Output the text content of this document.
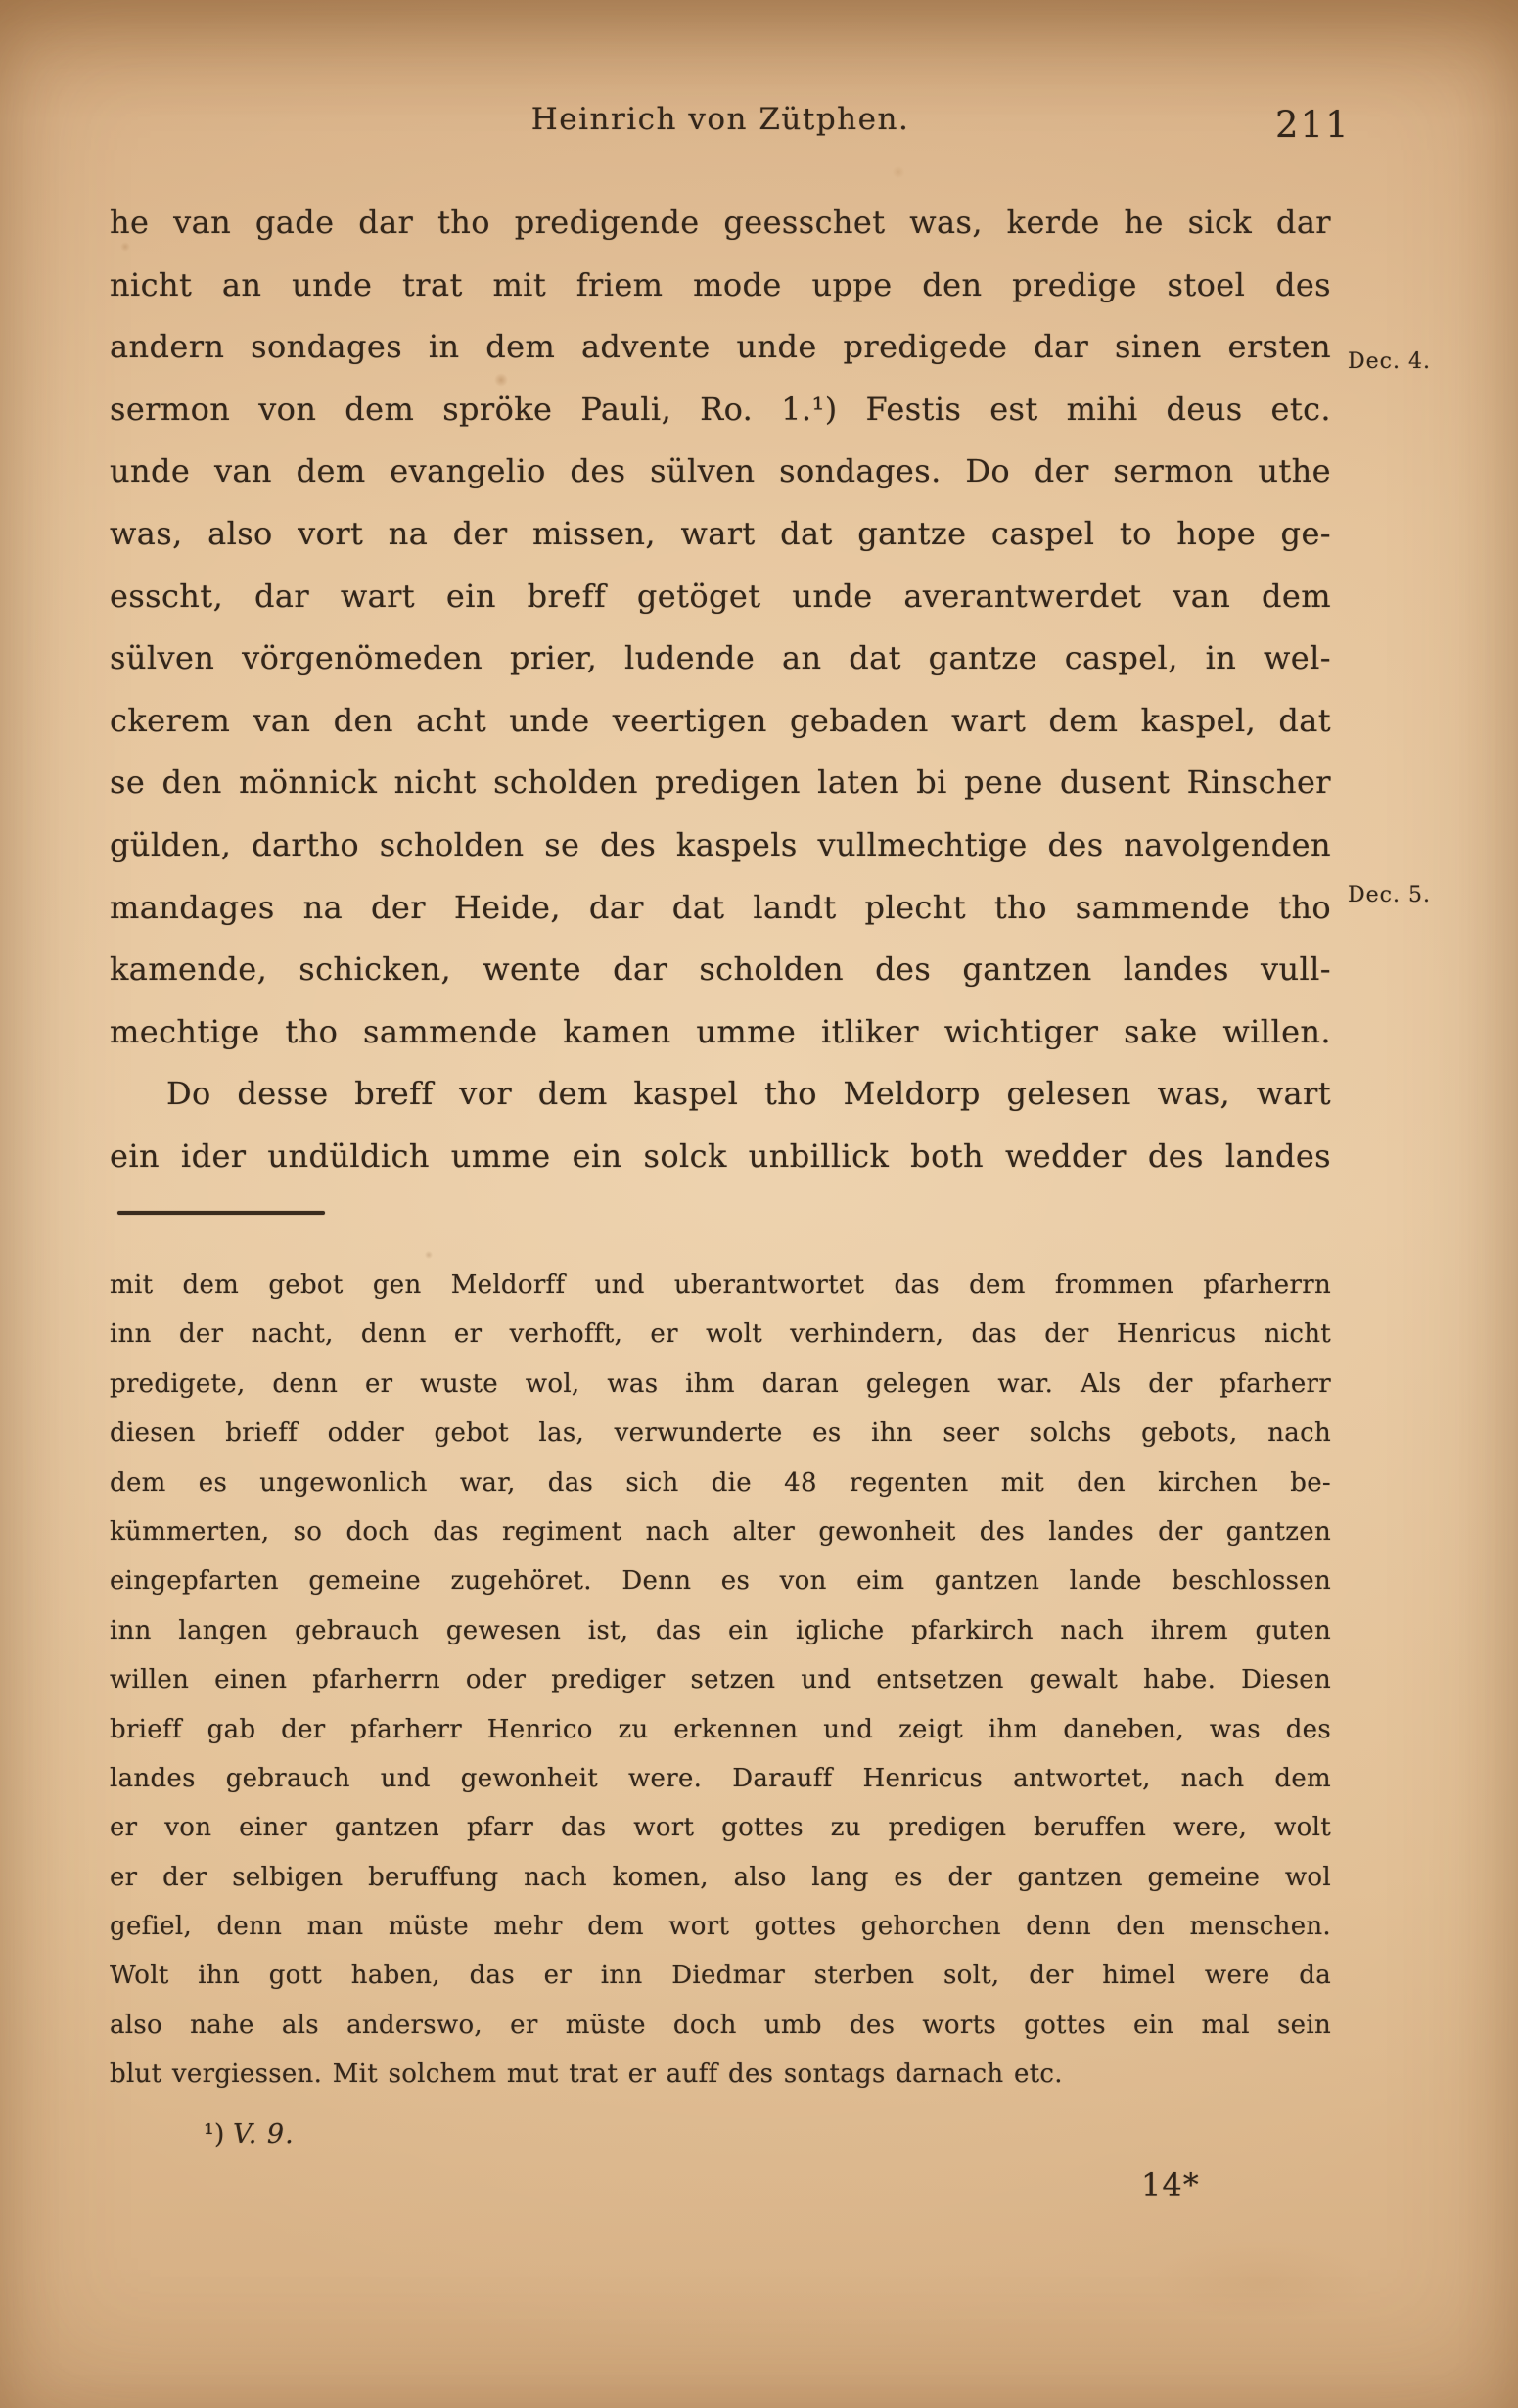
Heinrich von Zütphen.	211
he van gade dar tho predigende geesschet was, kerde he sick dar
nicht an unde trat mit friem mode uppe den predige stoel des
andern sondages in dem advente unde predigede dar sinen ersten
sermon von dem spröke Pauli, Ro. 1.¹) Festis est mihi deus etc.
unde van dem evangelio des sülven sondages. Do der sermon uthe
was, also vort na der missen, wart dat gantze caspel to hope ge-
esscht, dar wart ein breff getöget unde averantwerdet van dem
sülven vörgenömeden prier, ludende an dat gantze caspel, in wel-
ckerem van den acht unde veertigen gebaden wart dem kaspel, dat
se den mönnick nicht scholden predigen laten bi pene dusent Rinscher
gülden, dartho scholden se des kaspels vullmechtige des navolgenden
mandages na der Heide, dar dat landt plecht tho sammende tho
kamende, schicken, wente dar scholden des gantzen landes vull-
mechtige tho sammende kamen umme itliker wichtiger sake willen.
Do desse breff vor dem kaspel tho Meldorp gelesen was, wart
ein ider undüldich umme ein solck unbillick both wedder des landes
Dec. 4.
Dec. 5.
mit dem gebot gen Meldorff und uberantwortet das dem frommen pfarherrn
inn der nacht, denn er verhofft, er wolt verhindern, das der Henricus nicht
predigete, denn er wuste wol, was ihm daran gelegen war. Als der pfarherr
diesen brieff odder gebot las, verwunderte es ihn seer solchs gebots, nach
dem es ungewonlich war, das sich die 48 regenten mit den kirchen be-
kümmerten, so doch das regiment nach alter gewonheit des landes der gantzen
eingepfarten gemeine zugehöret. Denn es von eim gantzen lande beschlossen
inn langen gebrauch gewesen ist, das ein igliche pfarkirch nach ihrem guten
willen einen pfarherrn oder prediger setzen und entsetzen gewalt habe. Diesen
brieff gab der pfarherr Henrico zu erkennen und zeigt ihm daneben, was des
landes gebrauch und gewonheit were. Darauff Henricus antwortet, nach dem
er von einer gantzen pfarr das wort gottes zu predigen beruffen were, wolt
er der selbigen beruffung nach komen, also lang es der gantzen gemeine wol
gefiel, denn man müste mehr dem wort gottes gehorchen denn den menschen.
Wolt ihn gott haben, das er inn Diedmar sterben solt, der himel were da
also nahe als anderswo, er müste doch umb des worts gottes ein mal sein
blut vergiessen. Mit solchem mut trat er auff des sontags darnach etc.
¹) V. 9.
14*
